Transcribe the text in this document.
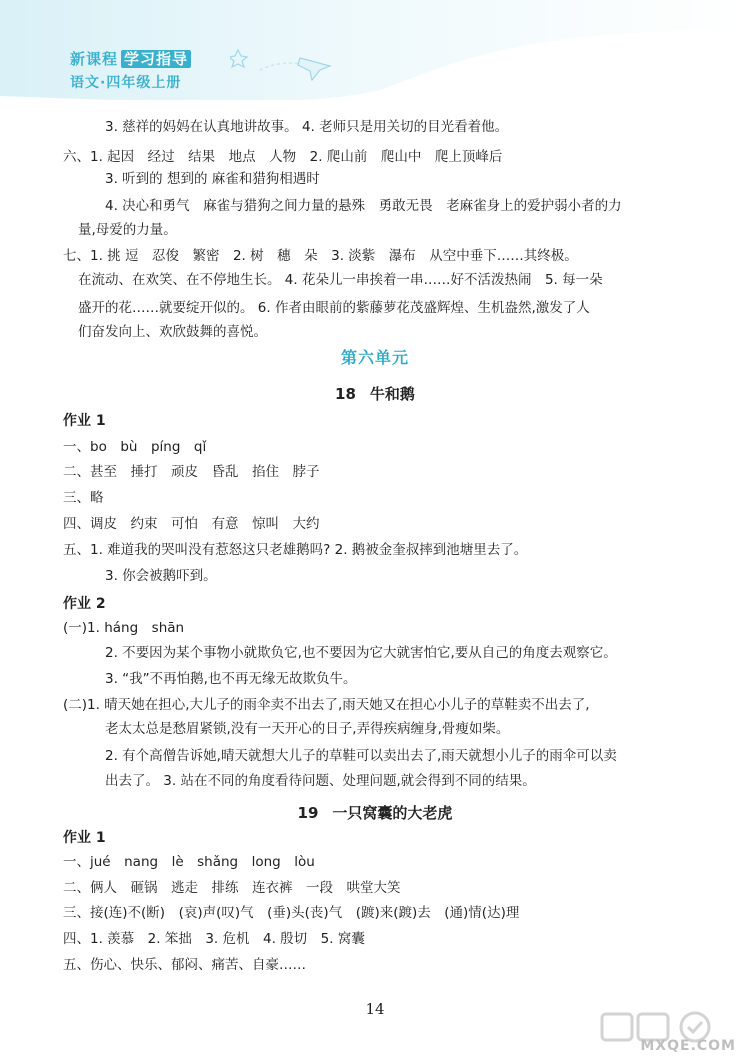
新课程 学习指导
语文·四年级上册
3. 慈祥的妈妈在认真地讲故事。 4. 老师只是用关切的目光看着他。
六、1. 起因　经过　结果　地点　人物　2. 爬山前　爬山中　爬上顶峰后
3. 听到的 想到的 麻雀和猎狗相遇时
4. 决心和勇气　麻雀与猎狗之间力量的悬殊　勇敢无畏　老麻雀身上的爱护弱小者的力
量,母爱的力量。
七、1. 挑 逗　忍俊　繁密　2. 树　穗　朵　3. 淡紫　瀑布　从空中垂下……其终极。
在流动、在欢笑、在不停地生长。 4. 花朵儿一串挨着一串……好不活泼热闹　5. 每一朵
盛开的花……就要绽开似的。 6. 作者由眼前的紫藤萝花茂盛辉煌、生机盎然,激发了人
们奋发向上、欢欣鼓舞的喜悦。
第六单元
18 牛和鹅
作业 1
一、bo　bù　píng　qǐ
二、甚至　捶打　顽皮　昏乱　掐住　脖子
三、略
四、调皮　约束　可怕　有意　惊叫　大约
五、1. 难道我的哭叫没有惹怒这只老雄鹅吗? 2. 鹅被金奎叔摔到池塘里去了。
3. 你会被鹅吓到。
作业 2
(一)1. háng　shān
2. 不要因为某个事物小就欺负它,也不要因为它大就害怕它,要从自己的角度去观察它。
3. “我”不再怕鹅,也不再无缘无故欺负牛。
(二)1. 晴天她在担心,大儿子的雨伞卖不出去了,雨天她又在担心小儿子的草鞋卖不出去了,
老太太总是愁眉紧锁,没有一天开心的日子,弄得疾病缠身,骨瘦如柴。
2. 有个高僧告诉她,晴天就想大儿子的草鞋可以卖出去了,雨天就想小儿子的雨伞可以卖
出去了。 3. 站在不同的角度看待问题、处理问题,就会得到不同的结果。
19 一只窝囊的大老虎
作业 1
一、jué　nang　lè　shǎng　long　lòu
二、俩人　砸锅　逃走　排练　连衣裤　一段　哄堂大笑
三、接(连)不(断)　(哀)声(叹)气　(垂)头(丧)气　(踱)来(踱)去　(通)情(达)理
四、1. 羡慕　2. 笨拙　3. 危机　4. 殷切　5. 窝囊
五、伤心、快乐、郁闷、痛苦、自豪……
14
MXQE.COM
